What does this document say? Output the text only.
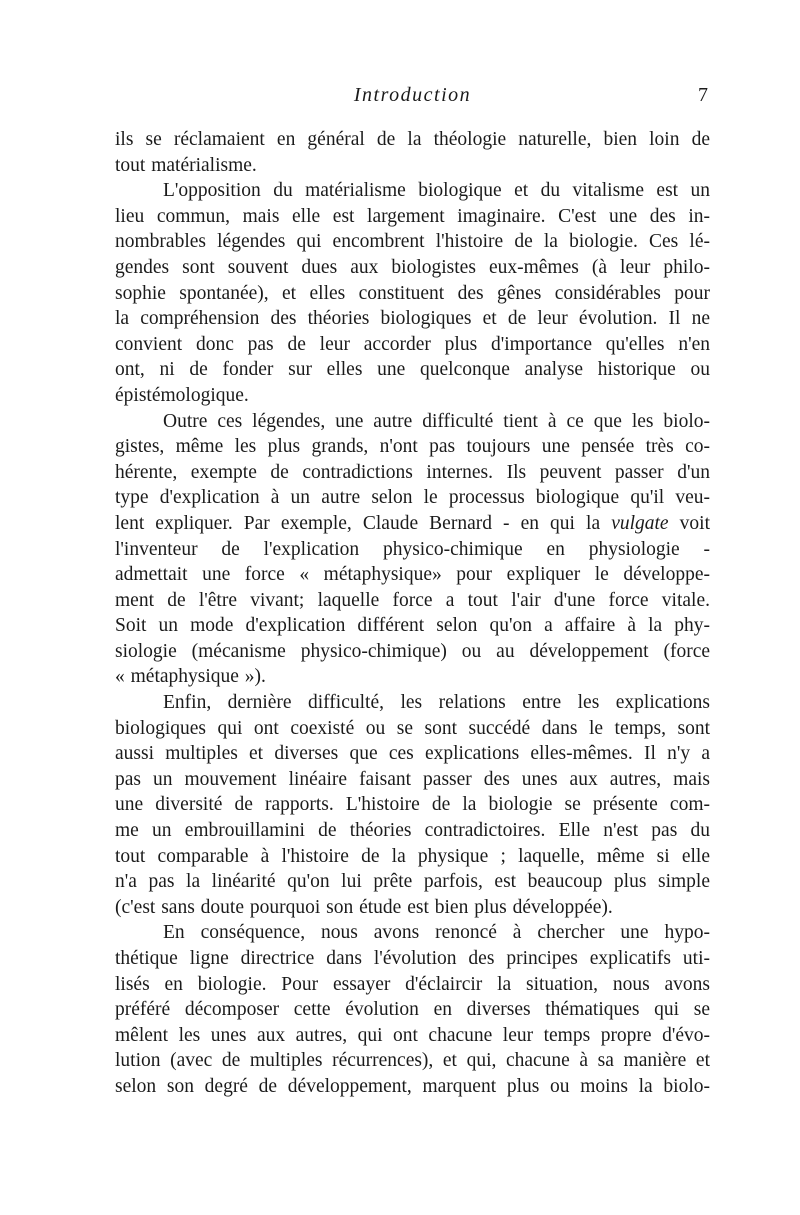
Introduction	7
ils se réclamaient en général de la théologie naturelle, bien loin de
tout matérialisme.
L'opposition du matérialisme biologique et du vitalisme est un
lieu commun, mais elle est largement imaginaire. C'est une des in-
nombrables légendes qui encombrent l'histoire de la biologie. Ces lé-
gendes sont souvent dues aux biologistes eux-mêmes (à leur philo-
sophie spontanée), et elles constituent des gênes considérables pour
la compréhension des théories biologiques et de leur évolution. Il ne
convient donc pas de leur accorder plus d'importance qu'elles n'en
ont, ni de fonder sur elles une quelconque analyse historique ou
épistémologique.
Outre ces légendes, une autre difficulté tient à ce que les biolo-
gistes, même les plus grands, n'ont pas toujours une pensée très co-
hérente, exempte de contradictions internes. Ils peuvent passer d'un
type d'explication à un autre selon le processus biologique qu'il veu-
lent expliquer. Par exemple, Claude Bernard - en qui la vulgate voit
l'inventeur de l'explication physico-chimique en physiologie -
admettait une force « métaphysique» pour expliquer le développe-
ment de l'être vivant; laquelle force a tout l'air d'une force vitale.
Soit un mode d'explication différent selon qu'on a affaire à la phy-
siologie (mécanisme physico-chimique) ou au développement (force
« métaphysique »).
Enfin, dernière difficulté, les relations entre les explications
biologiques qui ont coexisté ou se sont succédé dans le temps, sont
aussi multiples et diverses que ces explications elles-mêmes. Il n'y a
pas un mouvement linéaire faisant passer des unes aux autres, mais
une diversité de rapports. L'histoire de la biologie se présente com-
me un embrouillamini de théories contradictoires. Elle n'est pas du
tout comparable à l'histoire de la physique ; laquelle, même si elle
n'a pas la linéarité qu'on lui prête parfois, est beaucoup plus simple
(c'est sans doute pourquoi son étude est bien plus développée).
En conséquence, nous avons renoncé à chercher une hypo-
thétique ligne directrice dans l'évolution des principes explicatifs uti-
lisés en biologie. Pour essayer d'éclaircir la situation, nous avons
préféré décomposer cette évolution en diverses thématiques qui se
mêlent les unes aux autres, qui ont chacune leur temps propre d'évo-
lution (avec de multiples récurrences), et qui, chacune à sa manière et
selon son degré de développement, marquent plus ou moins la biolo-
